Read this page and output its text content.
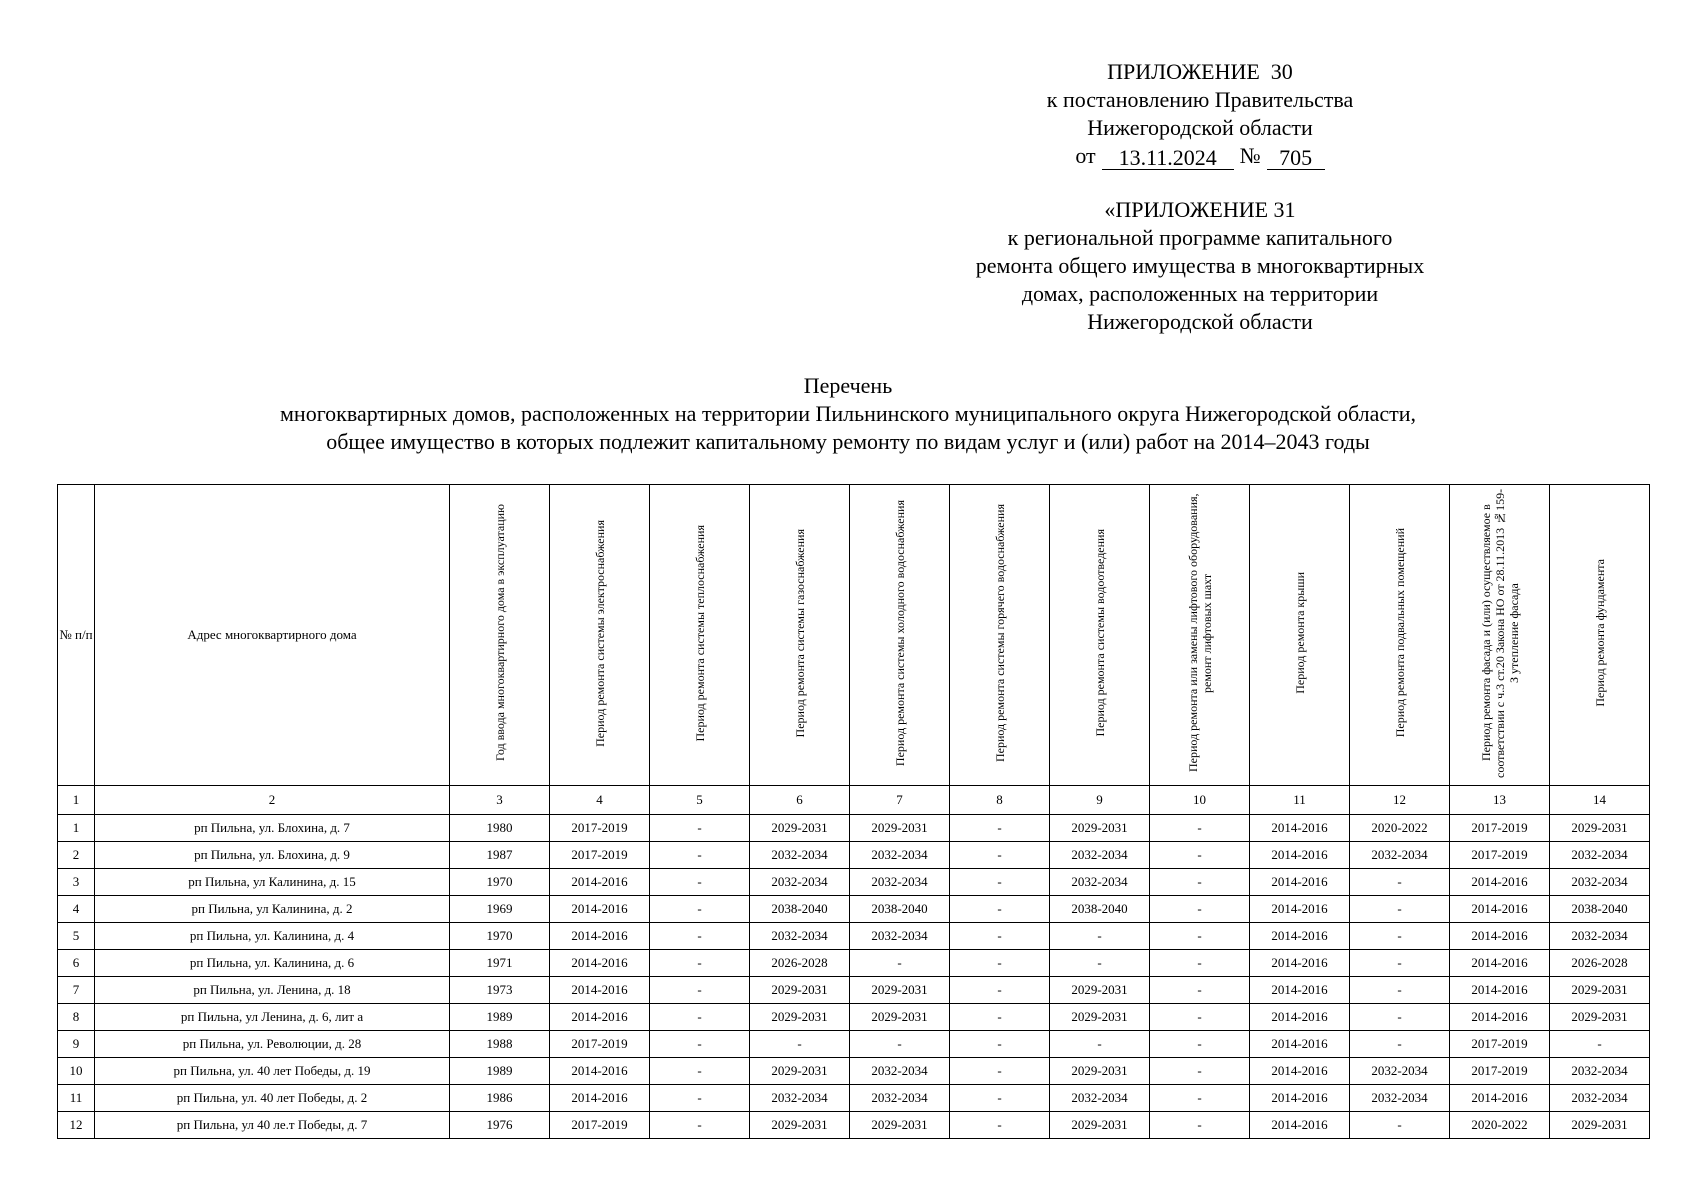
ПРИЛОЖЕНИЕ  30
к постановлению Правительства
Нижегородской области
от	13.11.2024	№ 705
«ПРИЛОЖЕНИЕ 31
к региональной программе капитального
ремонта общего имущества в многоквартирных
домах, расположенных на территории
Нижегородской области
Перечень
многоквартирных домов, расположенных на территории Пильнинского муниципального округа Нижегородской области,
общее имущество в которых подлежит капитальному ремонту по видам услуг и (или) работ на 2014–2043 годы
№ п/п	Адрес многоквартирного дома	Год ввода многоквартирного дома в эксплуатацию	Период ремонта системы электроснабжения	Период ремонта системы теплоснабжения	Период ремонта системы газоснабжения	Период ремонта системы холодного водоснабжения	Период ремонта системы горячего водоснабжения	Период ремонта системы водоотведения	Период ремонта или замены лифтового оборудования, ремонт лифтовых шахт	Период ремонта крыши	Период ремонта подвальных помещений	Период ремонта фасада и (или) осуществляемое в соответствии с ч.3 ст.20 Закона НО от 28.11.2013 №159-З утепление фасада	Период ремонта фундамента
1	2	3	4	5	6	7	8	9	10	11	12	13	14
1	рп Пильна, ул. Блохина, д. 7	1980	2017-2019	-	2029-2031	2029-2031	-	2029-2031	-	2014-2016	2020-2022	2017-2019	2029-2031
2	рп Пильна, ул. Блохина, д. 9	1987	2017-2019	-	2032-2034	2032-2034	-	2032-2034	-	2014-2016	2032-2034	2017-2019	2032-2034
3	рп Пильна, ул Калинина, д. 15	1970	2014-2016	-	2032-2034	2032-2034	-	2032-2034	-	2014-2016	-	2014-2016	2032-2034
4	рп Пильна, ул Калинина, д. 2	1969	2014-2016	-	2038-2040	2038-2040	-	2038-2040	-	2014-2016	-	2014-2016	2038-2040
5	рп Пильна, ул. Калинина, д. 4	1970	2014-2016	-	2032-2034	2032-2034	-	-	-	2014-2016	-	2014-2016	2032-2034
6	рп Пильна, ул. Калинина, д. 6	1971	2014-2016	-	2026-2028	-	-	-	-	2014-2016	-	2014-2016	2026-2028
7	рп Пильна, ул. Ленина, д. 18	1973	2014-2016	-	2029-2031	2029-2031	-	2029-2031	-	2014-2016	-	2014-2016	2029-2031
8	рп Пильна, ул Ленина, д. 6, лит а	1989	2014-2016	-	2029-2031	2029-2031	-	2029-2031	-	2014-2016	-	2014-2016	2029-2031
9	рп Пильна, ул. Революции, д. 28	1988	2017-2019	-	-	-	-	-	-	2014-2016	-	2017-2019	-
10	рп Пильна, ул. 40 лет Победы, д. 19	1989	2014-2016	-	2029-2031	2032-2034	-	2029-2031	-	2014-2016	2032-2034	2017-2019	2032-2034
11	рп Пильна, ул. 40 лет Победы, д. 2	1986	2014-2016	-	2032-2034	2032-2034	-	2032-2034	-	2014-2016	2032-2034	2014-2016	2032-2034
12	рп Пильна, ул 40 ле.т Победы, д. 7	1976	2017-2019	-	2029-2031	2029-2031	-	2029-2031	-	2014-2016	-	2020-2022	2029-2031
